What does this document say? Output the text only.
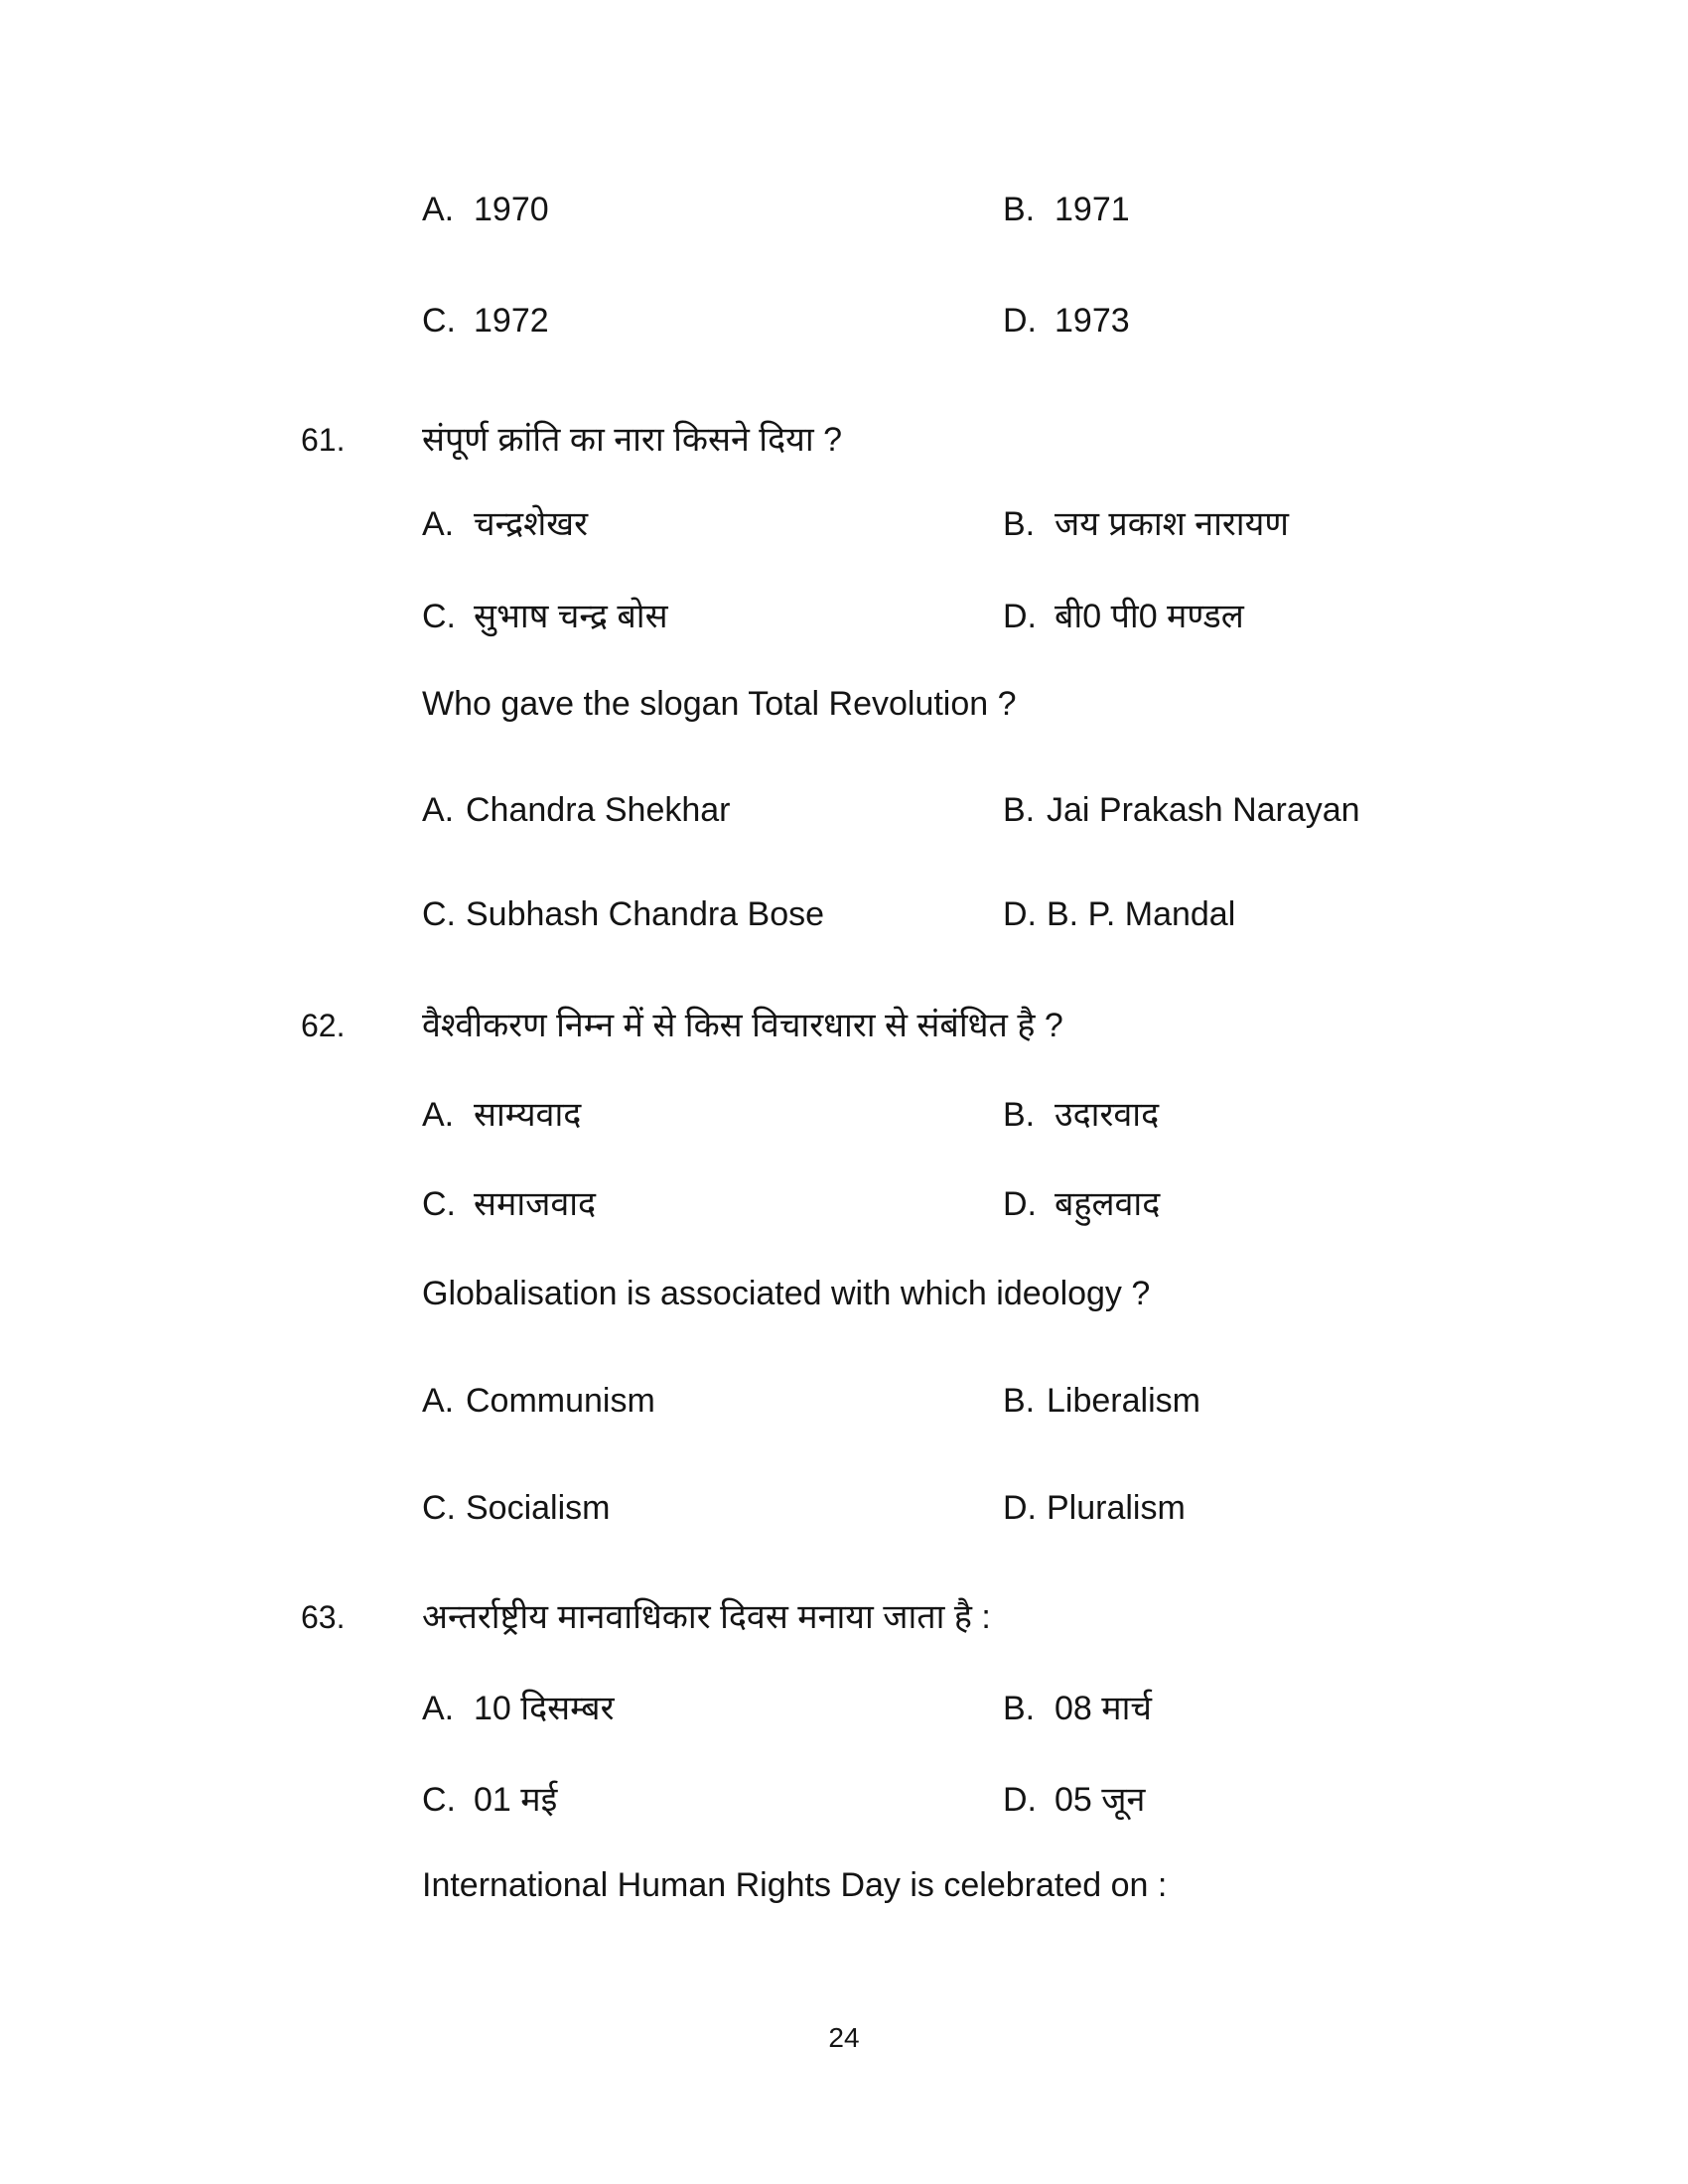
A. 1970	B. 1971
C. 1972	D. 1973
61. संपूर्ण क्रांति का नारा किसने दिया ?
A. चन्द्रशेखर	B. जय प्रकाश नारायण
C. सुभाष चन्द्र बोस	D. बी0 पी0 मण्डल
Who gave the slogan Total Revolution ?
A. Chandra Shekhar	B. Jai Prakash Narayan
C. Subhash Chandra Bose	D. B. P. Mandal
62. वैश्वीकरण निम्न में से किस विचारधारा से संबंधित है ?
A. साम्यवाद	B. उदारवाद
C. समाजवाद	D. बहुलवाद
Globalisation is associated with which ideology ?
A. Communism	B. Liberalism
C. Socialism	D. Pluralism
63. अन्तर्राष्ट्रीय मानवाधिकार दिवस मनाया जाता है :
A. 10 दिसम्बर	B. 08 मार्च
C. 01 मई	D. 05 जून
International Human Rights Day is celebrated on :
24
